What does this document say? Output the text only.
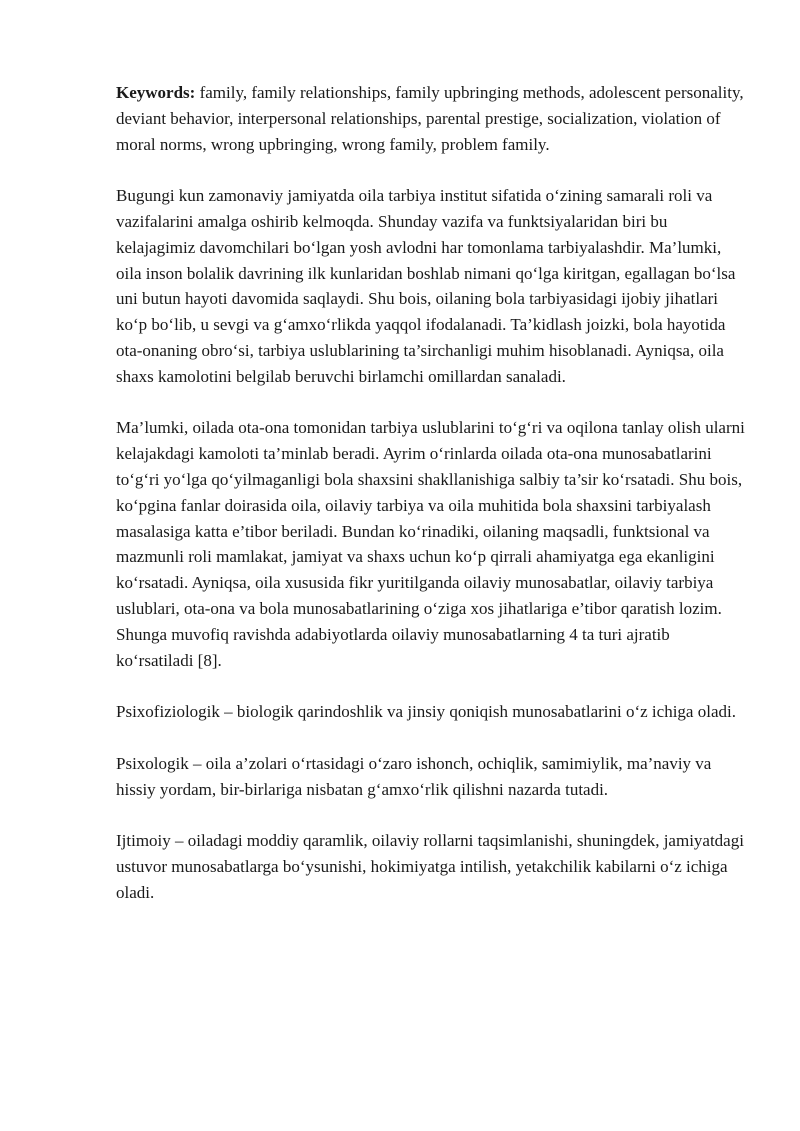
Keywords: family, family relationships, family upbringing methods, adolescent personality, deviant behavior, interpersonal relationships, parental prestige, socialization, violation of moral norms, wrong upbringing, wrong family, problem family.

Bugungi kun zamonaviy jamiyatda oila tarbiya institut sifatida o‘zining samarali roli va vazifalarini amalga oshirib kelmoqda. Shunday vazifa va funktsiyalaridan biri bu kelajagimiz davomchilari bo‘lgan yosh avlodni har tomonlama tarbiyalashdir. Ma’lumki, oila inson bolalik davrining ilk kunlaridan boshlab nimani qo‘lga kiritgan, egallagan bo‘lsa uni butun hayoti davomida saqlaydi. Shu bois, oilaning bola tarbiyasidagi ijobiy jihatlari ko‘p bo‘lib, u sevgi va g‘amxo‘rlikda yaqqol ifodalanadi. Ta’kidlash joizki, bola hayotida ota-onaning obro‘si, tarbiya uslublarining ta’sirchanligi muhim hisoblanadi. Ayniqsa, oila shaxs kamolotini belgilab beruvchi birlamchi omillardan sanaladi.

Ma’lumki, oilada ota-ona tomonidan tarbiya uslublarini to‘g‘ri va oqilona tanlay olish ularni kelajakdagi kamoloti ta’minlab beradi. Ayrim o‘rinlarda oilada ota-ona munosabatlarini to‘g‘ri yo‘lga qo‘yilmaganligi bola shaxsini shakllanishiga salbiy ta’sir ko‘rsatadi. Shu bois, ko‘pgina fanlar doirasida oila, oilaviy tarbiya va oila muhitida bola shaxsini tarbiyalash masalasiga katta e’tibor beriladi. Bundan ko‘rinadiki, oilaning maqsadli, funktsional va mazmunli roli mamlakat, jamiyat va shaxs uchun ko‘p qirrali ahamiyatga ega ekanligini ko‘rsatadi. Ayniqsa, oila xususida fikr yuritilganda oilaviy munosabatlar, oilaviy tarbiya uslublari, ota-ona va bola munosabatlarining o‘ziga xos jihatlariga e’tibor qaratish lozim. Shunga muvofiq ravishda adabiyotlarda oilaviy munosabatlarning 4 ta turi ajratib ko‘rsatiladi [8].

Psixofiziologik – biologik qarindoshlik va jinsiy qoniqish munosabatlarini o‘z ichiga oladi.

Psixologik – oila a’zolari o‘rtasidagi o‘zaro ishonch, ochiqlik, samimiylik, ma’naviy va hissiy yordam, bir-birlariga nisbatan g‘amxo‘rlik qilishni nazarda tutadi.

Ijtimoiy – oiladagi moddiy qaramlik, oilaviy rollarni taqsimlanishi, shuningdek, jamiyatdagi ustuvor munosabatlarga bo‘ysunishi, hokimiyatga intilish, yetakchilik kabilarni o‘z ichiga oladi.
